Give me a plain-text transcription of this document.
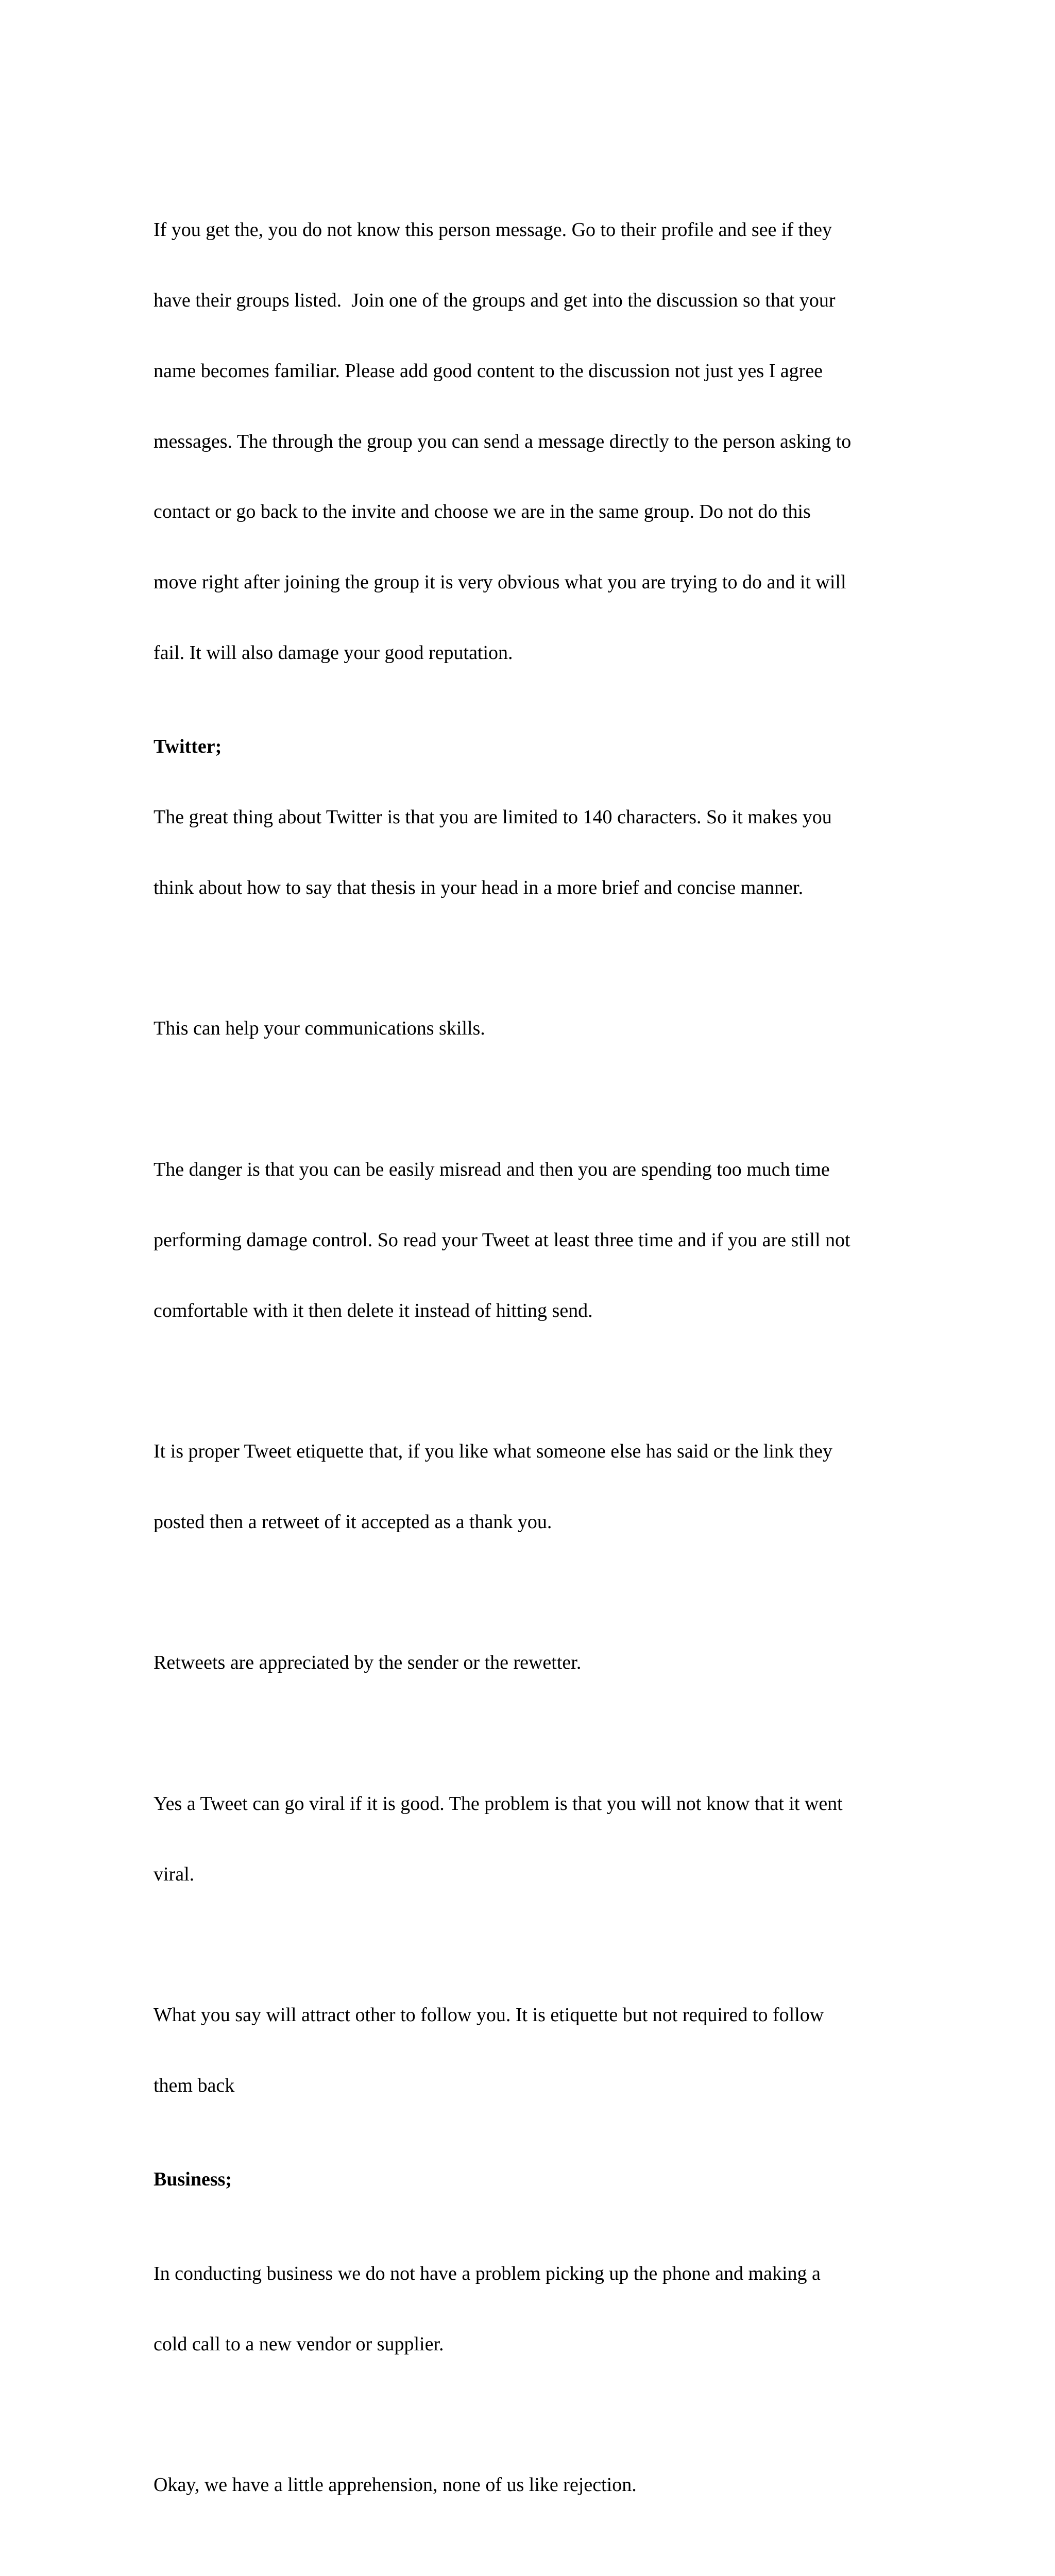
If you get the, you do not know this person message. Go to their profile and see if they

have their groups listed.  Join one of the groups and get into the discussion so that your

name becomes familiar. Please add good content to the discussion not just yes I agree

messages. The through the group you can send a message directly to the person asking to

contact or go back to the invite and choose we are in the same group. Do not do this

move right after joining the group it is very obvious what you are trying to do and it will

fail. It will also damage your good reputation.

Twitter;

The great thing about Twitter is that you are limited to 140 characters. So it makes you

think about how to say that thesis in your head in a more brief and concise manner.

This can help your communications skills.

The danger is that you can be easily misread and then you are spending too much time

performing damage control. So read your Tweet at least three time and if you are still not

comfortable with it then delete it instead of hitting send.

It is proper Tweet etiquette that, if you like what someone else has said or the link they

posted then a retweet of it accepted as a thank you.

Retweets are appreciated by the sender or the rewetter.

Yes a Tweet can go viral if it is good. The problem is that you will not know that it went

viral.

What you say will attract other to follow you. It is etiquette but not required to follow

them back

Business;

In conducting business we do not have a problem picking up the phone and making a

cold call to a new vendor or supplier.

Okay, we have a little apprehension, none of us like rejection.
